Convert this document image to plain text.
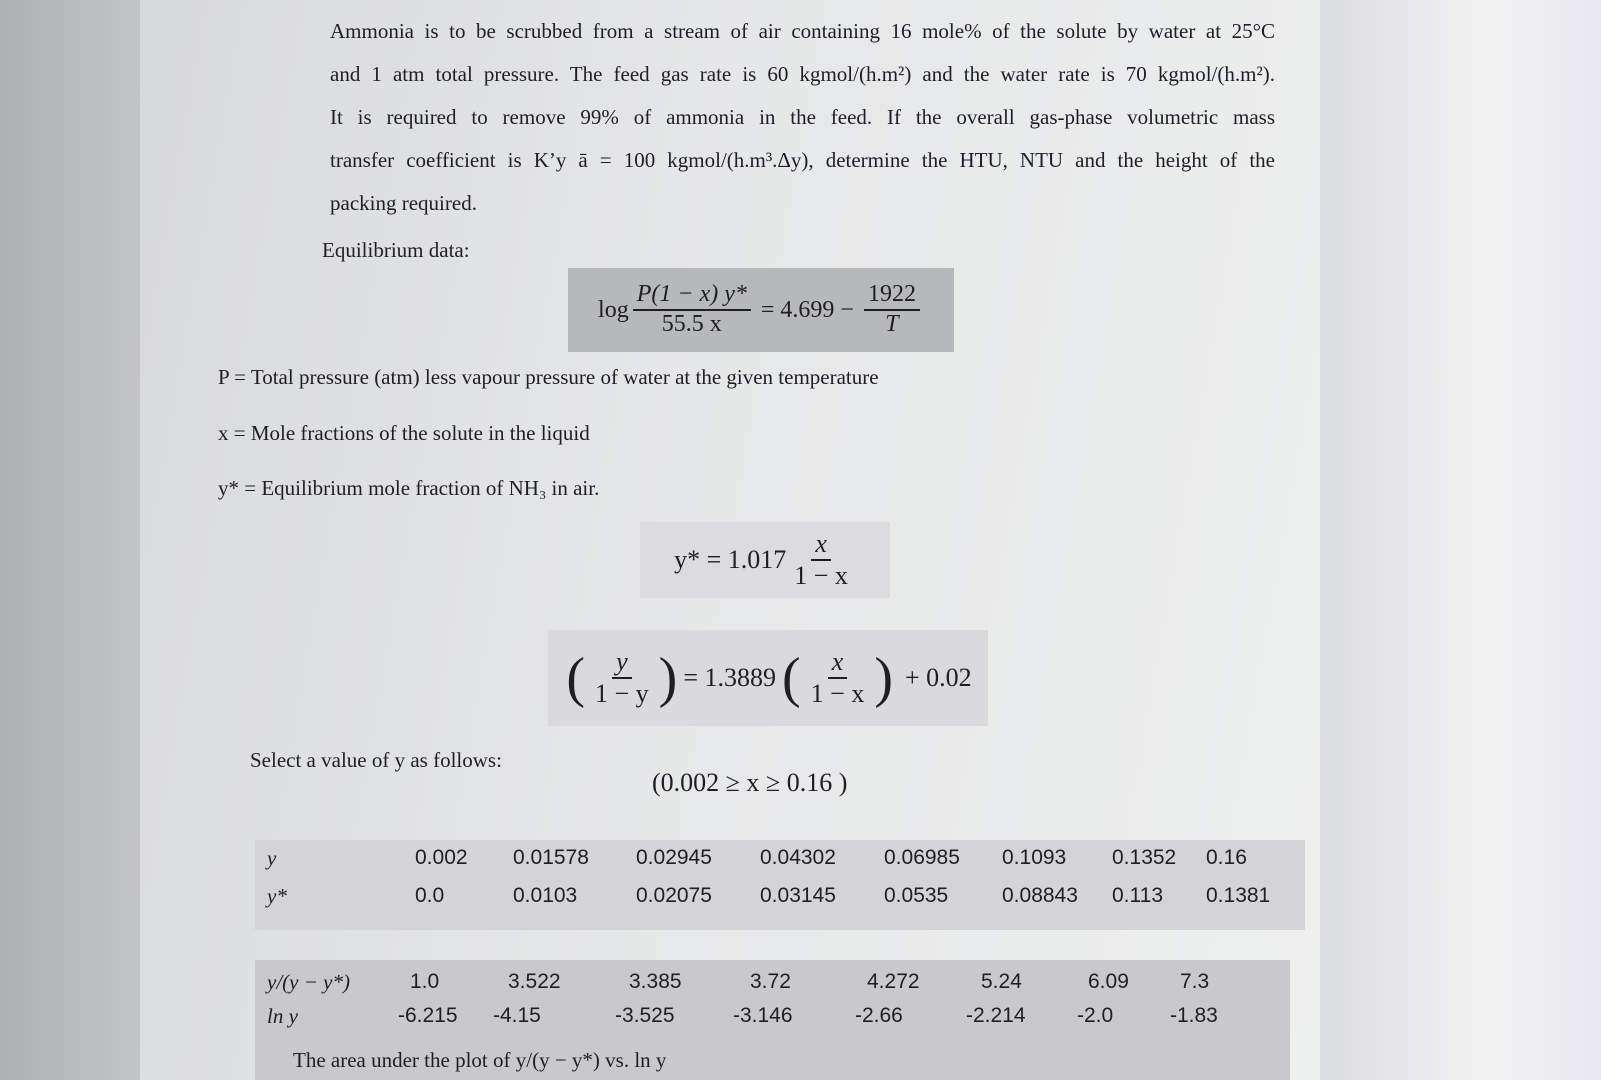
Ammonia is to be scrubbed from a stream of air containing 16 mole% of the solute by water at 25°C

and 1 atm total pressure. The feed gas rate is 60 kgmol/(h.m²) and the water rate is 70 kgmol/(h.m²).

It is required to remove 99% of ammonia in the feed. If the overall gas-phase volumetric mass

transfer coefficient is K’y ā = 100 kgmol/(h.m³.Δy), determine the HTU, NTU and the height of the

packing required.

Equilibrium data:
$\log \frac{P(1 - x) y*}{55.5 x} = 4.699 - \frac{1922}{T}$
P = Total pressure (atm) less vapour pressure of water at the given temperature
x = Mole fractions of the solute in the liquid
y* = Equilibrium mole fraction of NH₃ in air.
$y* = 1.017 \frac{x}{1 - x}$
( $\frac{y}{1 - y}$ ) = 1.3889 ( $\frac{x}{1 - x}$ ) + 0.02
Select a value of y as follows:
(0.002 ≥ x ≥ 0.16 )
y	0.002 0.01578 0.02945 0.04302 0.06985 0.1093 0.1352 0.16
y*	0.0	0.0103	0.02075 0.03145 0.0535	0.08843 0.113 0.1381
y/(y − y*)	1.0	3.522	3.385	3.72	4.272	5.24	6.09 7.3
ln y	-6.215 -4.15	-3.525	-3.146	-2.66	-2.214 -2.0	-1.83
The area under the plot of y/(y − y*) vs. ln y
